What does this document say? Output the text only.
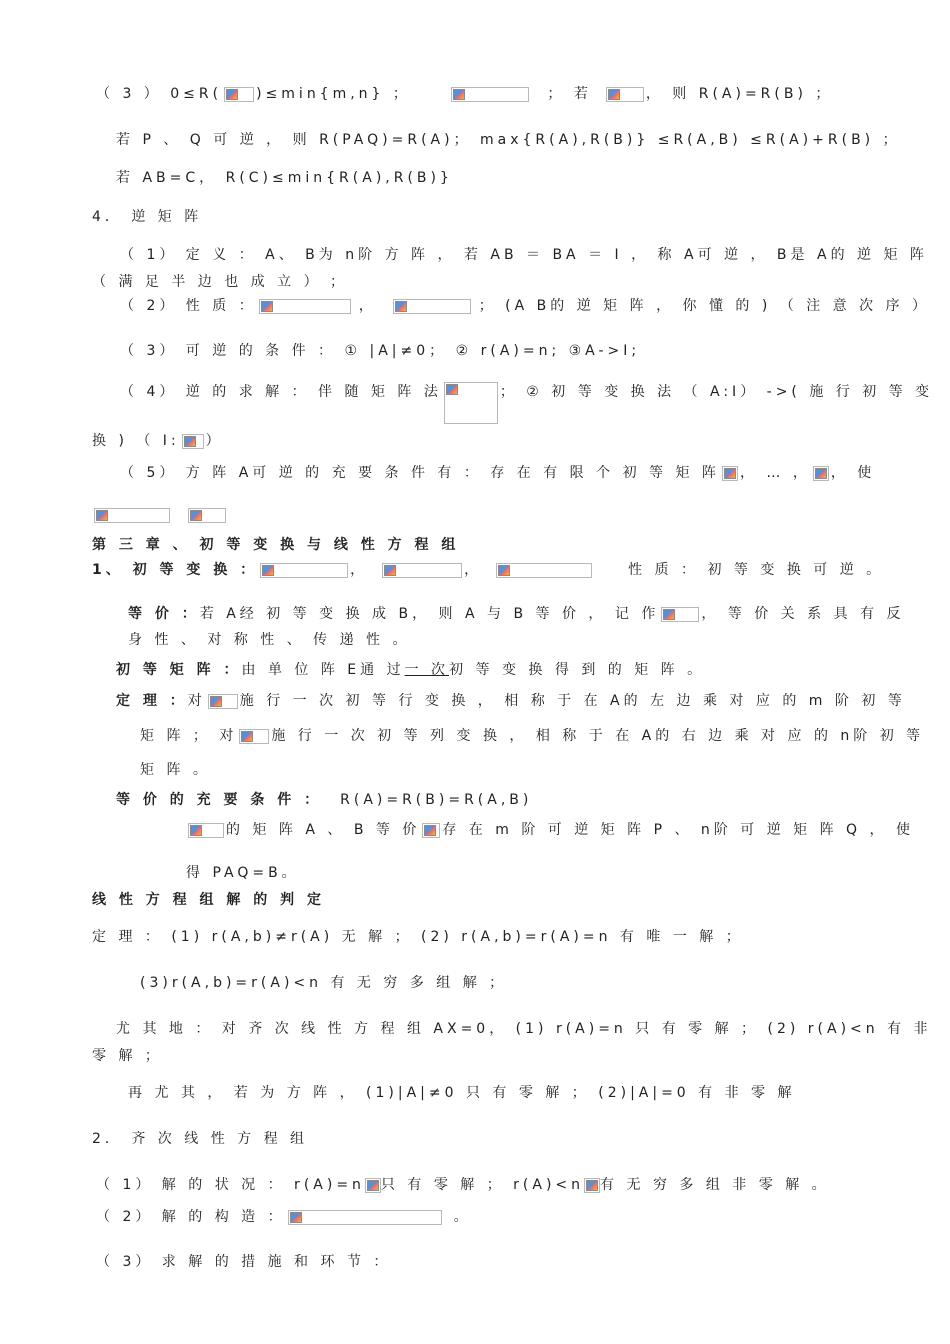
（ 3 ） 0≤R( )≤min{m,n} ；	； 若	， 则 R(A)=R(B) ；
若 P 、 Q 可 逆 ， 则 R(PAQ)=R(A)； max{R(A),R(B)} ≤R(A,B) ≤R(A)+R(B) ；
若 AB=C， R(C)≤min{R(A),R(B)}
4． 逆 矩 阵
（ 1） 定 义 ： A、 B为 n阶 方 阵 ， 若 AB ＝ BA ＝ I ， 称 A可 逆 ， B是 A的 逆 矩 阵
（ 满 足 半 边 也 成 立 ） ；
（ 2） 性 质 ：	，	； (A B的 逆 矩 阵 ， 你 懂 的 ) （ 注 意 次 序 ）
（ 3） 可 逆 的 条 件 ： ① |A|≠0； ② r(A)=n; ③A->I;
（ 4） 逆 的 求 解 ： 伴 随 矩 阵 法	； ② 初 等 变 换 法 （ A:I） ->( 施 行 初 等 变
换 ) （ I: ）
（ 5） 方 阵 A可 逆 的 充 要 条 件 有 ： 存 在 有 限 个 初 等 矩 阵 ， … ， ， 使
第 三 章 、 初 等 变 换 与 线 性 方 程 组
1、 初 等 变 换 ：	，	，	性 质 ： 初 等 变 换 可 逆 。
等 价 ：若 A经 初 等 变 换 成 B， 则 A 与 B 等 价 ， 记 作	， 等 价 关 系 具 有 反
身 性 、 对 称 性 、 传 递 性 。
初 等 矩 阵 ：由 单 位 阵 E通 过一 次初 等 变 换 得 到 的 矩 阵 。
定 理 ：对 施 行 一 次 初 等 行 变 换 ， 相 称 于 在 A的 左 边 乘 对 应 的 m 阶 初 等
矩 阵 ； 对 施 行 一 次 初 等 列 变 换 ， 相 称 于 在 A的 右 边 乘 对 应 的 n阶 初 等
矩 阵 。
等 价 的 充 要 条 件 ： R(A)=R(B)=R(A,B)
的 矩 阵 A 、 B 等 价 存 在 m 阶 可 逆 矩 阵 P 、 n阶 可 逆 矩 阵 Q ， 使
得 PAQ=B。
线 性 方 程 组 解 的 判 定
定 理 ： (1) r(A,b)≠r(A) 无 解 ； (2) r(A,b)=r(A)=n 有 唯 一 解 ；
(3)r(A,b)=r(A)<n 有 无 穷 多 组 解 ；
尤 其 地 ： 对 齐 次 线 性 方 程 组 AX=0， (1) r(A)=n 只 有 零 解 ； (2) r(A)<n 有 非
零 解 ；
再 尤 其 ， 若 为 方 阵 ， (1)|A|≠0 只 有 零 解 ； (2)|A|=0 有 非 零 解
2． 齐 次 线 性 方 程 组
（ 1） 解 的 状 况 ： r(A)=n 只 有 零 解 ； r(A)<n 有 无 穷 多 组 非 零 解 。
（ 2） 解 的 构 造 ：	。
（ 3） 求 解 的 措 施 和 环 节 ：
